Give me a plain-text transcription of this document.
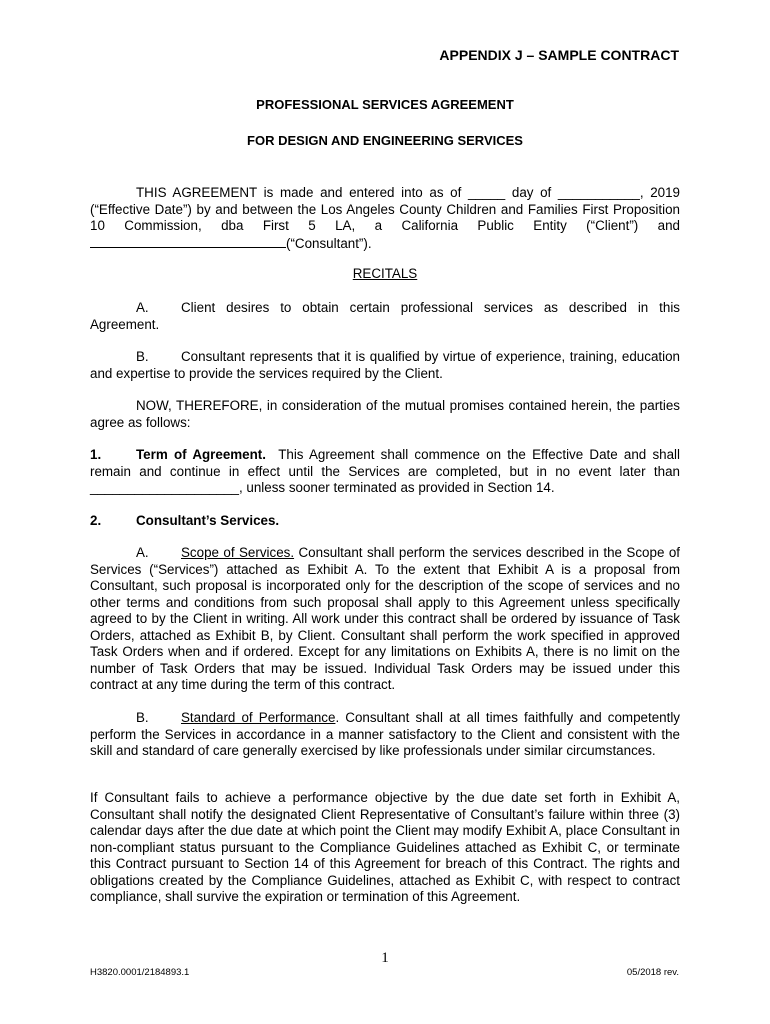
APPENDIX J – SAMPLE CONTRACT
PROFESSIONAL SERVICES AGREEMENT
FOR DESIGN AND ENGINEERING SERVICES
THIS AGREEMENT is made and entered into as of _____ day of ___________, 2019 (“Effective Date”) by and between the Los Angeles County Children and Families First Proposition 10 Commission, dba First 5 LA, a California Public Entity (“Client”) and (“Consultant”).
RECITALS
A. Client desires to obtain certain professional services as described in this Agreement.
B. Consultant represents that it is qualified by virtue of experience, training, education and expertise to provide the services required by the Client.
NOW, THEREFORE, in consideration of the mutual promises contained herein, the parties agree as follows:
1.	Term of Agreement. This Agreement shall commence on the Effective Date and shall remain and continue in effect until the Services are completed, but in no event later than ____________________, unless sooner terminated as provided in Section 14.
2.	Consultant’s Services.
A. Scope of Services. Consultant shall perform the services described in the Scope of Services (“Services”) attached as Exhibit A. To the extent that Exhibit A is a proposal from Consultant, such proposal is incorporated only for the description of the scope of services and no other terms and conditions from such proposal shall apply to this Agreement unless specifically agreed to by the Client in writing. All work under this contract shall be ordered by issuance of Task Orders, attached as Exhibit B, by Client. Consultant shall perform the work specified in approved Task Orders when and if ordered. Except for any limitations on Exhibits A, there is no limit on the number of Task Orders that may be issued. Individual Task Orders may be issued under this contract at any time during the term of this contract.
B. Standard of Performance. Consultant shall at all times faithfully and competently perform the Services in accordance in a manner satisfactory to the Client and consistent with the skill and standard of care generally exercised by like professionals under similar circumstances.
If Consultant fails to achieve a performance objective by the due date set forth in Exhibit A, Consultant shall notify the designated Client Representative of Consultant’s failure within three (3) calendar days after the due date at which point the Client may modify Exhibit A, place Consultant in non-compliant status pursuant to the Compliance Guidelines attached as Exhibit C, or terminate this Contract pursuant to Section 14 of this Agreement for breach of this Contract. The rights and obligations created by the Compliance Guidelines, attached as Exhibit C, with respect to contract compliance, shall survive the expiration or termination of this Agreement.
1
H3820.0001/2184893.1	05/2018 rev.
